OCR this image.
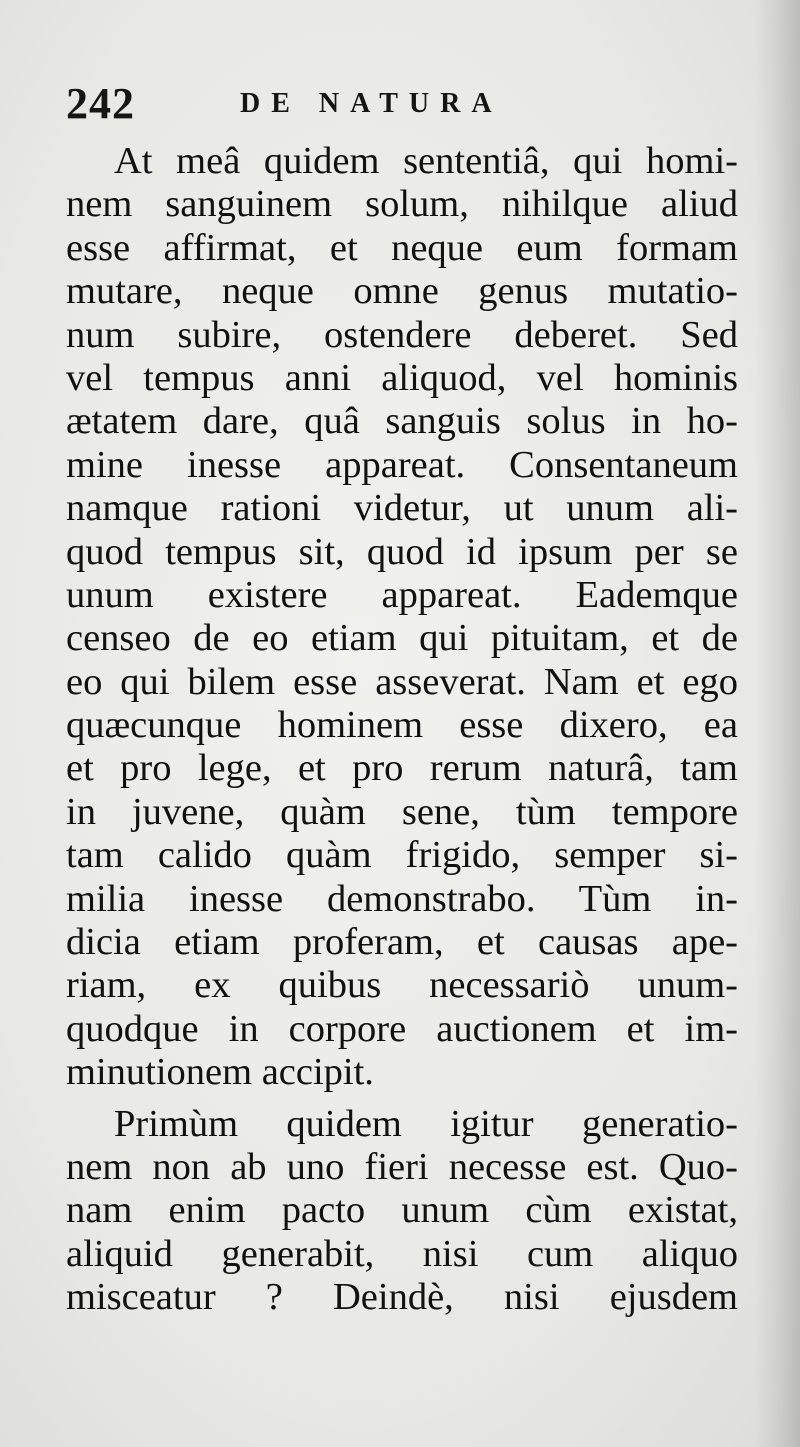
242	DE NATURA
At meâ quidem sententiâ, qui homi-
nem sanguinem solum, nihilque aliud
esse affirmat, et neque eum formam
mutare, neque omne genus mutatio-
num subire, ostendere deberet. Sed
vel tempus anni aliquod, vel hominis
ætatem dare, quâ sanguis solus in ho-
mine inesse appareat. Consentaneum
namque rationi videtur, ut unum ali-
quod tempus sit, quod id ipsum per se
unum existere appareat. Eademque
censeo de eo etiam qui pituitam, et de
eo qui bilem esse asseverat. Nam et ego
quæcunque hominem esse dixero, ea
et pro lege, et pro rerum naturâ, tam
in juvene, quàm sene, tùm tempore
tam calido quàm frigido, semper si-
milia inesse demonstrabo. Tùm in-
dicia etiam proferam, et causas ape-
riam, ex quibus necessariò unum-
quodque in corpore auctionem et im-
minutionem accipit.
Primùm quidem igitur generatio-
nem non ab uno fieri necesse est. Quo-
nam enim pacto unum cùm existat,
aliquid generabit, nisi cum aliquo
misceatur ? Deindè, nisi ejusdem
